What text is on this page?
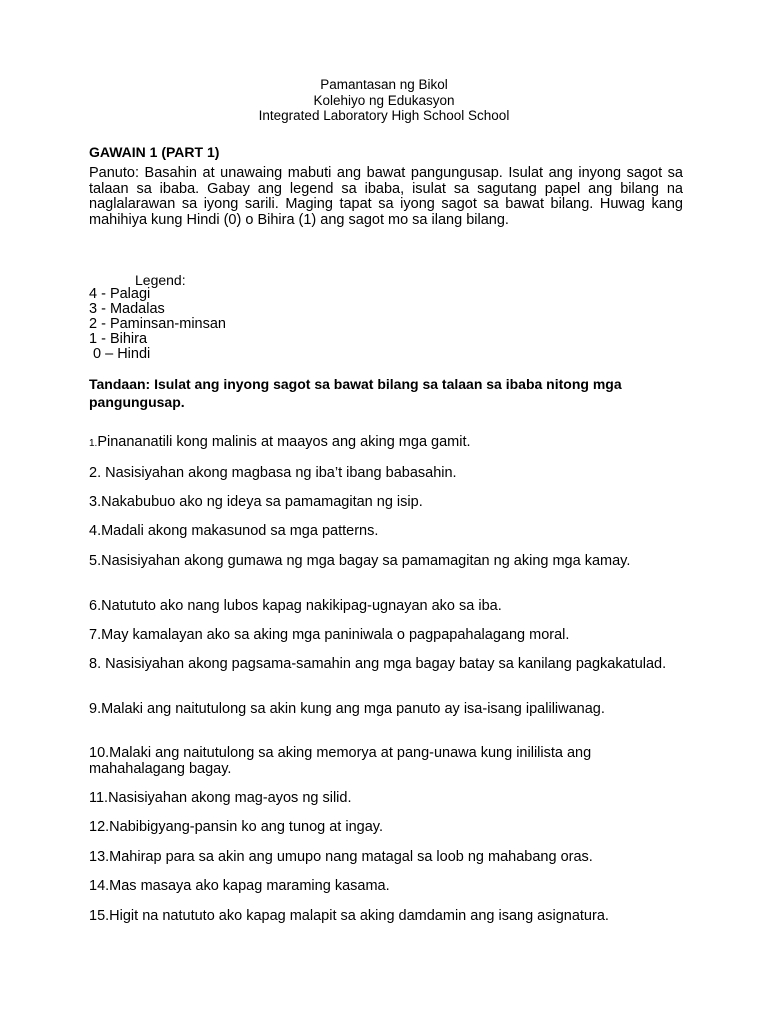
Pamantasan ng Bikol
Kolehiyo ng Edukasyon
Integrated Laboratory High School School
GAWAIN 1 (PART 1)
Panuto: Basahin at unawaing mabuti ang bawat pangungusap. Isulat ang inyong sagot sa talaan sa ibaba. Gabay ang legend sa ibaba, isulat sa sagutang papel ang bilang na naglalarawan sa iyong sarili. Maging tapat sa iyong sagot sa bawat bilang. Huwag kang mahihiya kung Hindi (0) o Bihira (1) ang sagot mo sa ilang bilang.
Legend:
4 - Palagi
3 - Madalas
2 - Paminsan-minsan
1 - Bihira
0 – Hindi
Tandaan: Isulat ang inyong sagot sa bawat bilang sa talaan sa ibaba nitong mga pangungusap.
1.Pinananatili kong malinis at maayos ang aking mga gamit.
2. Nasisiyahan akong magbasa ng iba’t ibang babasahin.
3.Nakabubuo ako ng ideya sa pamamagitan ng isip.
4.Madali akong makasunod sa mga patterns.
5.Nasisiyahan akong gumawa ng mga bagay sa pamamagitan ng aking mga kamay.
6.Natututo ako nang lubos kapag nakikipag-ugnayan ako sa iba.
7.May kamalayan ako sa aking mga paniniwala o pagpapahalagang moral.
8. Nasisiyahan akong pagsama-samahin ang mga bagay batay sa kanilang pagkakatulad.
9.Malaki ang naitutulong sa akin kung ang mga panuto ay isa-isang ipaliliwanag.
10.Malaki ang naitutulong sa aking memorya at pang-unawa kung inililista ang mahahalagang bagay.
11.Nasisiyahan akong mag-ayos ng silid.
12.Nabibigyang-pansin ko ang tunog at ingay.
13.Mahirap para sa akin ang umupo nang matagal sa loob ng mahabang oras.
14.Mas masaya ako kapag maraming kasama.
15.Higit na natututo ako kapag malapit sa aking damdamin ang isang asignatura.
